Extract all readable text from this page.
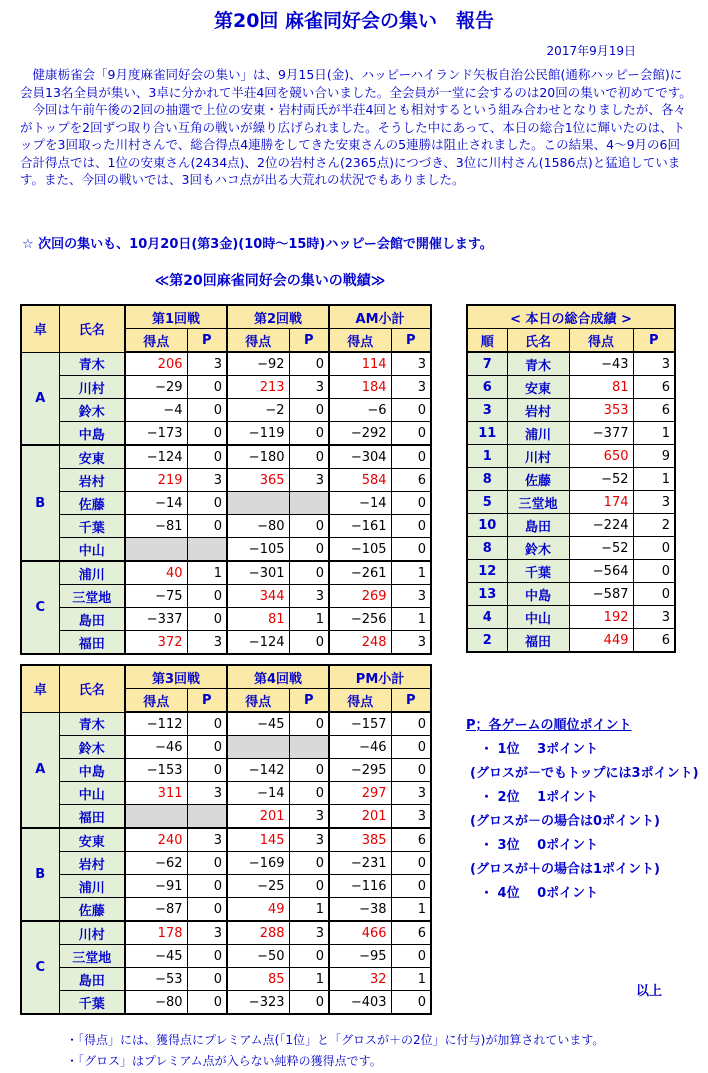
第20回 麻雀同好会の集い　報告
2017年9月19日

健康栃雀会「9月度麻雀同好会の集い」は、9月15日(金)、ハッピーハイランド矢板自治公民館(通称ハッピー会館)に会員13名全員が集い、3卓に分かれて半荘4回を競い合いました。全会員が一堂に会するのは20回の集いで初めてです。

今回は午前午後の2回の抽選で上位の安東・岩村両氏が半荘4回とも相対するという組み合わせとなりましたが、各々がトップを2回ずつ取り合い互角の戦いが繰り広げられました。そうした中にあって、本日の総合1位に輝いたのは、トップを3回取った川村さんで、総合得点4連勝をしてきた安東さんの5連勝は阻止されました。この結果、4～9月の6回合計得点では、1位の安東さん(2434点)、2位の岩村さん(2365点)につづき、3位に川村さん(1586点)と猛追しています。また、今回の戦いでは、3回もハコ点が出る大荒れの状況でもありました。

☆ 次回の集いも、10月20日(第3金)(10時～15時)ハッピー会館で開催します。
≪第20回麻雀同好会の集いの戦績≫
卓	氏名	第1回戦		第2回戦		AM小計	
		得点	P	得点	P	得点	P
A	青木	206	3	−92	0	114	3
	川村	−29	0	213	3	184	3
	鈴木	−4	0	−2	0	−6	0
	中島	−173	0	−119	0	−292	0
B	安東	−124	0	−180	0	−304	0
	岩村	219	3	365	3	584	6
	佐藤	−14	0			−14	0
	千葉	−81	0	−80	0	−161	0
	中山			−105	0	−105	0
C	浦川	40	1	−301	0	−261	1
	三堂地	−75	0	344	3	269	3
	島田	−337	0	81	1	−256	1
	福田	372	3	−124	0	248	3
卓	氏名	第3回戦		第4回戦		PM小計	
		得点	P	得点	P	得点	P
A	青木	−112	0	−45	0	−157	0
	鈴木	−46	0			−46	0
	中島	−153	0	−142	0	−295	0
	中山	311	3	−14	0	297	3
	福田			201	3	201	3
B	安東	240	3	145	3	385	6
	岩村	−62	0	−169	0	−231	0
	浦川	−91	0	−25	0	−116	0
	佐藤	−87	0	49	1	−38	1
C	川村	178	3	288	3	466	6
	三堂地	−45	0	−50	0	−95	0
	島田	−53	0	85	1	32	1
	千葉	−80	0	−323	0	−403	0
< 本日の総合成績 >			
順	氏名	得点	P
7	青木	−43	3
6	安東	81	6
3	岩村	353	6
11	浦川	−377	1
1	川村	650	9
8	佐藤	−52	1
5	三堂地	174	3
10	島田	−224	2
8	鈴木	−52	0
12	千葉	−564	0
13	中島	−587	0
4	中山	192	3
2	福田	449	6
P；各ゲームの順位ポイント
・ 1位　 3ポイント
(グロスが－でもトップには3ポイント)
・ 2位　 1ポイント
(グロスが－の場合は0ポイント)
・ 3位　 0ポイント
(グロスが＋の場合は1ポイント)
・ 4位　 0ポイント
以上
・「得点」には、獲得点にプレミアム点(「1位」と「グロスが＋の2位」に付与)が加算されています。
・「グロス」はプレミアム点が入らない純粋の獲得点です。
